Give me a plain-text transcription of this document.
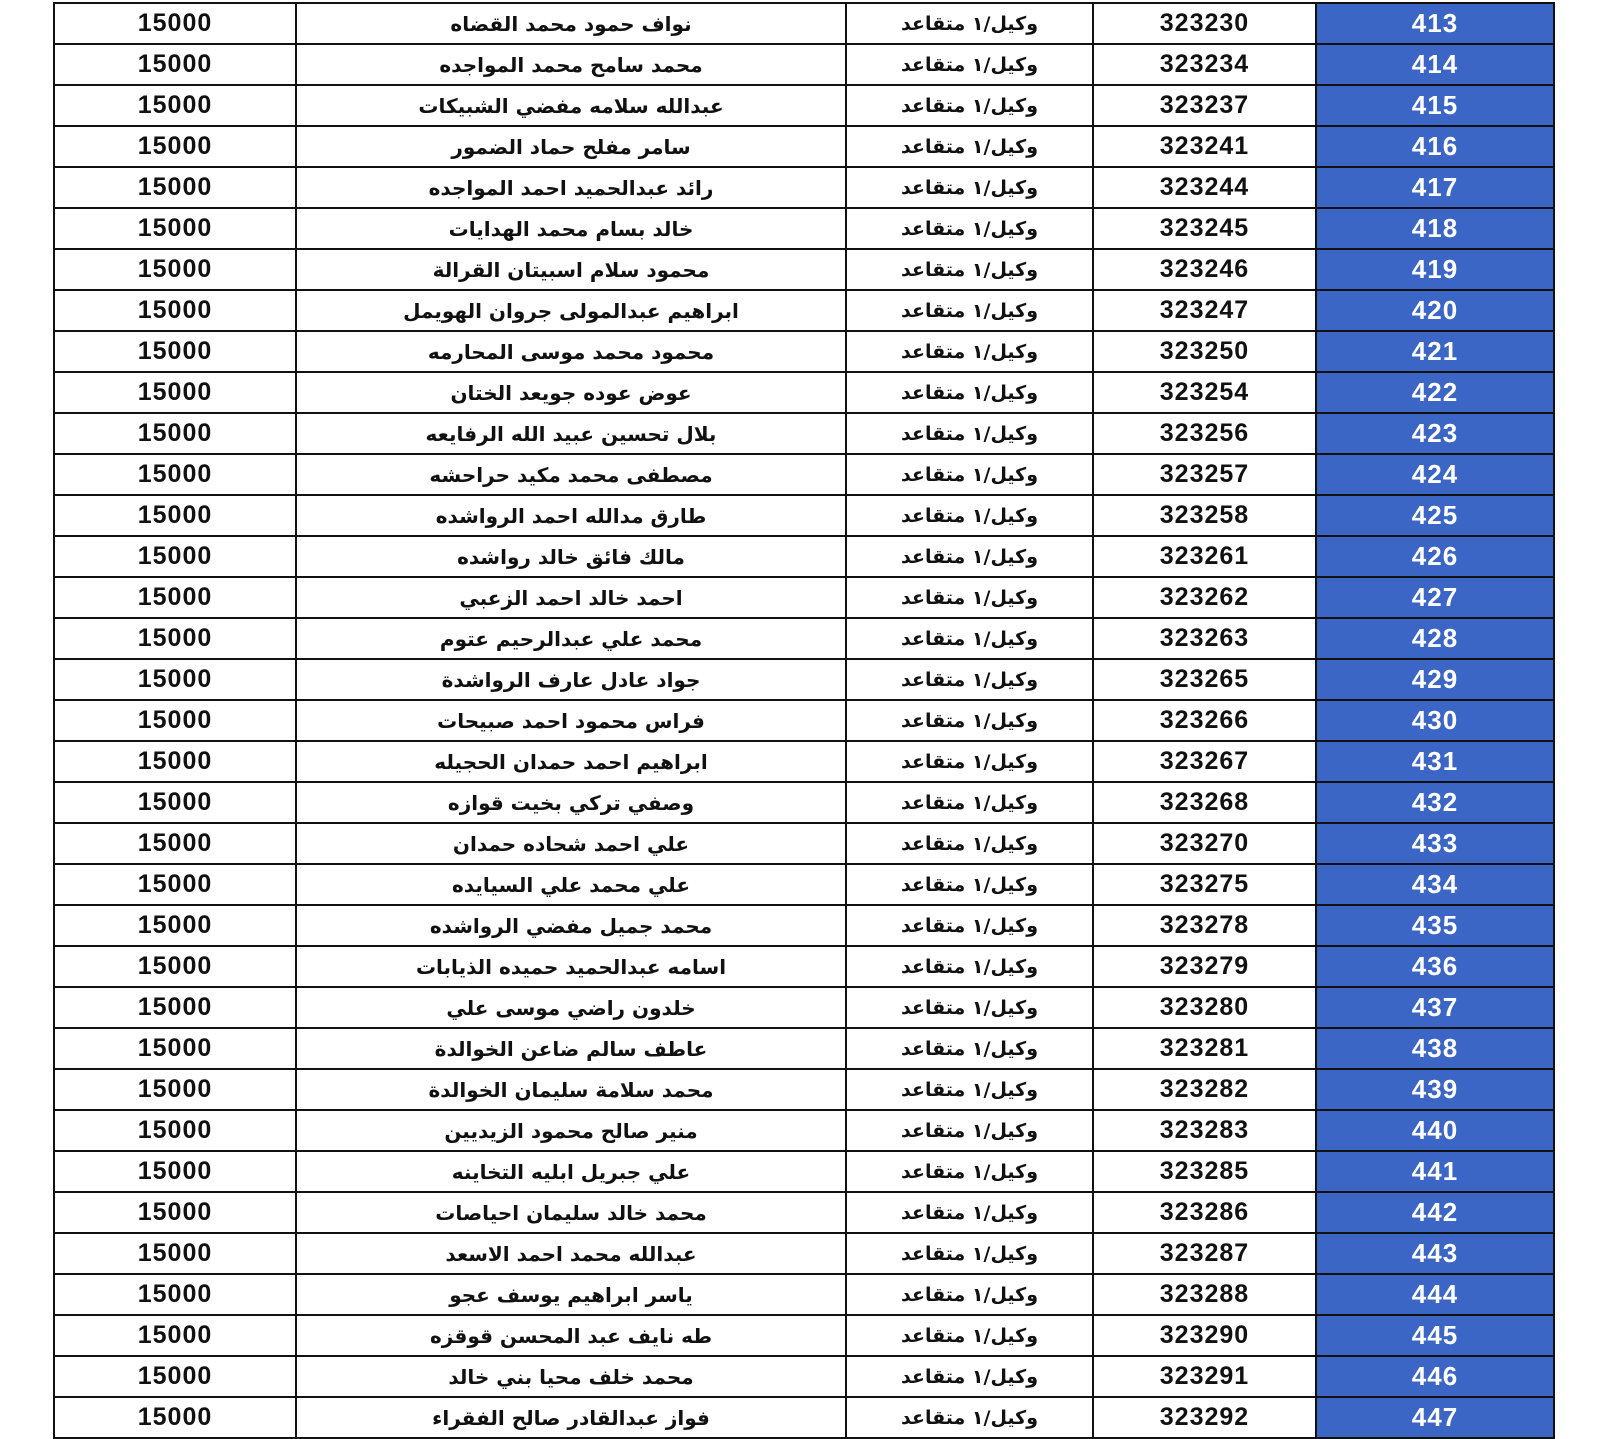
15000	نواف حمود محمد القضاه	وكيل/١ متقاعد	323230	413
15000	محمد سامح محمد المواجده	وكيل/١ متقاعد	323234	414
15000	عبدالله سلامه مفضي الشبيكات	وكيل/١ متقاعد	323237	415
15000	سامر مفلح حماد الضمور	وكيل/١ متقاعد	323241	416
15000	رائد عبدالحميد احمد المواجده	وكيل/١ متقاعد	323244	417
15000	خالد بسام محمد الهدايات	وكيل/١ متقاعد	323245	418
15000	محمود سلام اسبيتان القرالة	وكيل/١ متقاعد	323246	419
15000	ابراهيم عبدالمولى جروان الهويمل	وكيل/١ متقاعد	323247	420
15000	محمود محمد موسى المحارمه	وكيل/١ متقاعد	323250	421
15000	عوض عوده جويعد الختان	وكيل/١ متقاعد	323254	422
15000	بلال تحسين عبيد الله الرفايعه	وكيل/١ متقاعد	323256	423
15000	مصطفى محمد مكيد حراحشه	وكيل/١ متقاعد	323257	424
15000	طارق مدالله احمد الرواشده	وكيل/١ متقاعد	323258	425
15000	مالك فائق خالد رواشده	وكيل/١ متقاعد	323261	426
15000	احمد خالد احمد الزعبي	وكيل/١ متقاعد	323262	427
15000	محمد علي عبدالرحيم عتوم	وكيل/١ متقاعد	323263	428
15000	جواد عادل عارف الرواشدة	وكيل/١ متقاعد	323265	429
15000	فراس محمود احمد صبيحات	وكيل/١ متقاعد	323266	430
15000	ابراهيم احمد حمدان الحجيله	وكيل/١ متقاعد	323267	431
15000	وصفي تركي بخيت قوازه	وكيل/١ متقاعد	323268	432
15000	علي احمد شحاده حمدان	وكيل/١ متقاعد	323270	433
15000	علي محمد علي السيايده	وكيل/١ متقاعد	323275	434
15000	محمد جميل مفضي الرواشده	وكيل/١ متقاعد	323278	435
15000	اسامه عبدالحميد حميده الذيابات	وكيل/١ متقاعد	323279	436
15000	خلدون راضي موسى علي	وكيل/١ متقاعد	323280	437
15000	عاطف سالم ضاعن الخوالدة	وكيل/١ متقاعد	323281	438
15000	محمد سلامة سليمان الخوالدة	وكيل/١ متقاعد	323282	439
15000	منير صالح محمود الزيديين	وكيل/١ متقاعد	323283	440
15000	علي جبريل ابليه التخاينه	وكيل/١ متقاعد	323285	441
15000	محمد خالد سليمان احياصات	وكيل/١ متقاعد	323286	442
15000	عبدالله محمد احمد الاسعد	وكيل/١ متقاعد	323287	443
15000	ياسر ابراهيم يوسف عجو	وكيل/١ متقاعد	323288	444
15000	طه نايف عبد المحسن قوقزه	وكيل/١ متقاعد	323290	445
15000	محمد خلف محيا بني خالد	وكيل/١ متقاعد	323291	446
15000	فواز عبدالقادر صالح الفقراء	وكيل/١ متقاعد	323292	447
